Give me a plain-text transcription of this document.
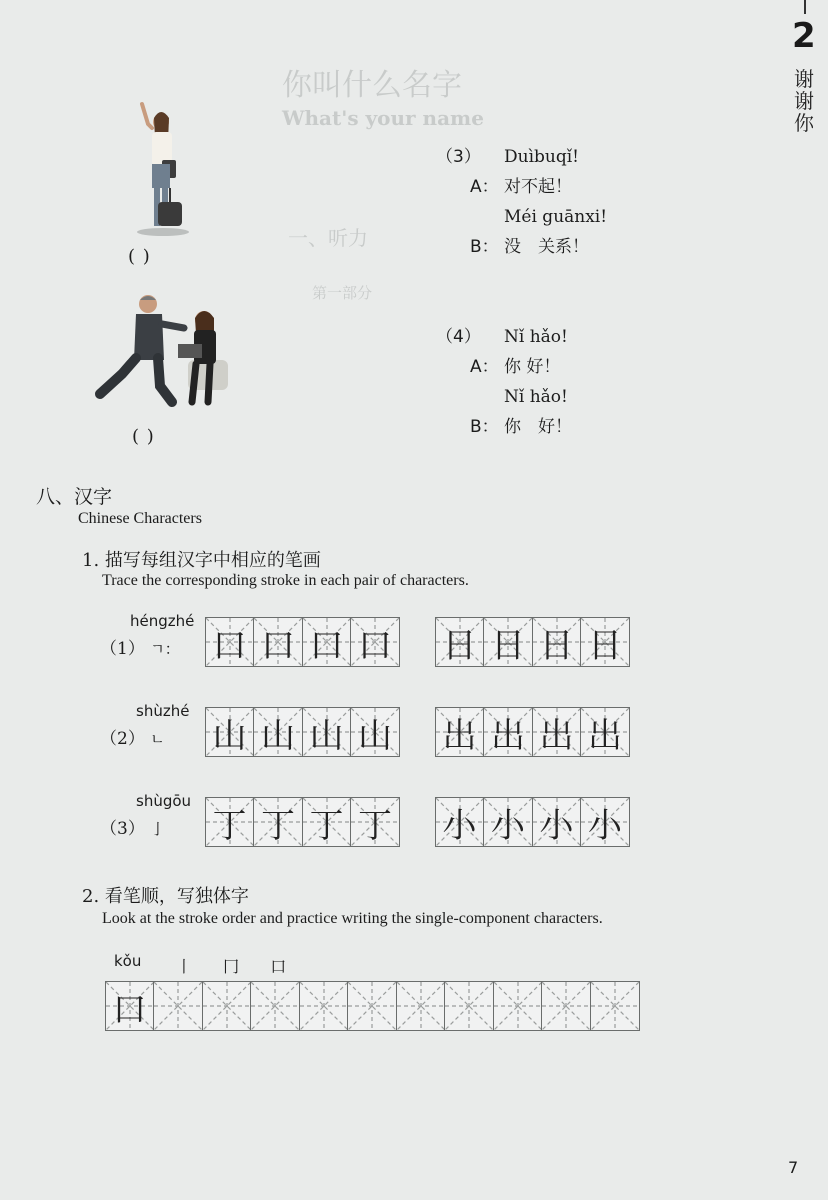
你叫什么名字
What's your name
一、听力
第一部分
2
谢
谢
你
( )
( )
（3） Duìbuqǐ!
A： 对不起！
Méi guānxi!
B： 没　关系！
（4） Nǐ hǎo!
A： 你 好！
Nǐ hǎo!
B： 你　好！
八、汉字
Chinese Characters
1. 描写每组汉字中相应的笔画
Trace the corresponding stroke in each pair of characters.
héngzhé
（1） ㄱ： 口 口 口 口 日 日 日 日
shùzhé
（2） ㄴ 山 山 山 山 出 出 出 出
shùgōu
（3） 亅 丁 丁 丁 丁 小 小 小 小
2. 看笔顺，写独体字
Look at the stroke order and practice writing the single-component characters.
kǒu 丨 冂 口
口
7
